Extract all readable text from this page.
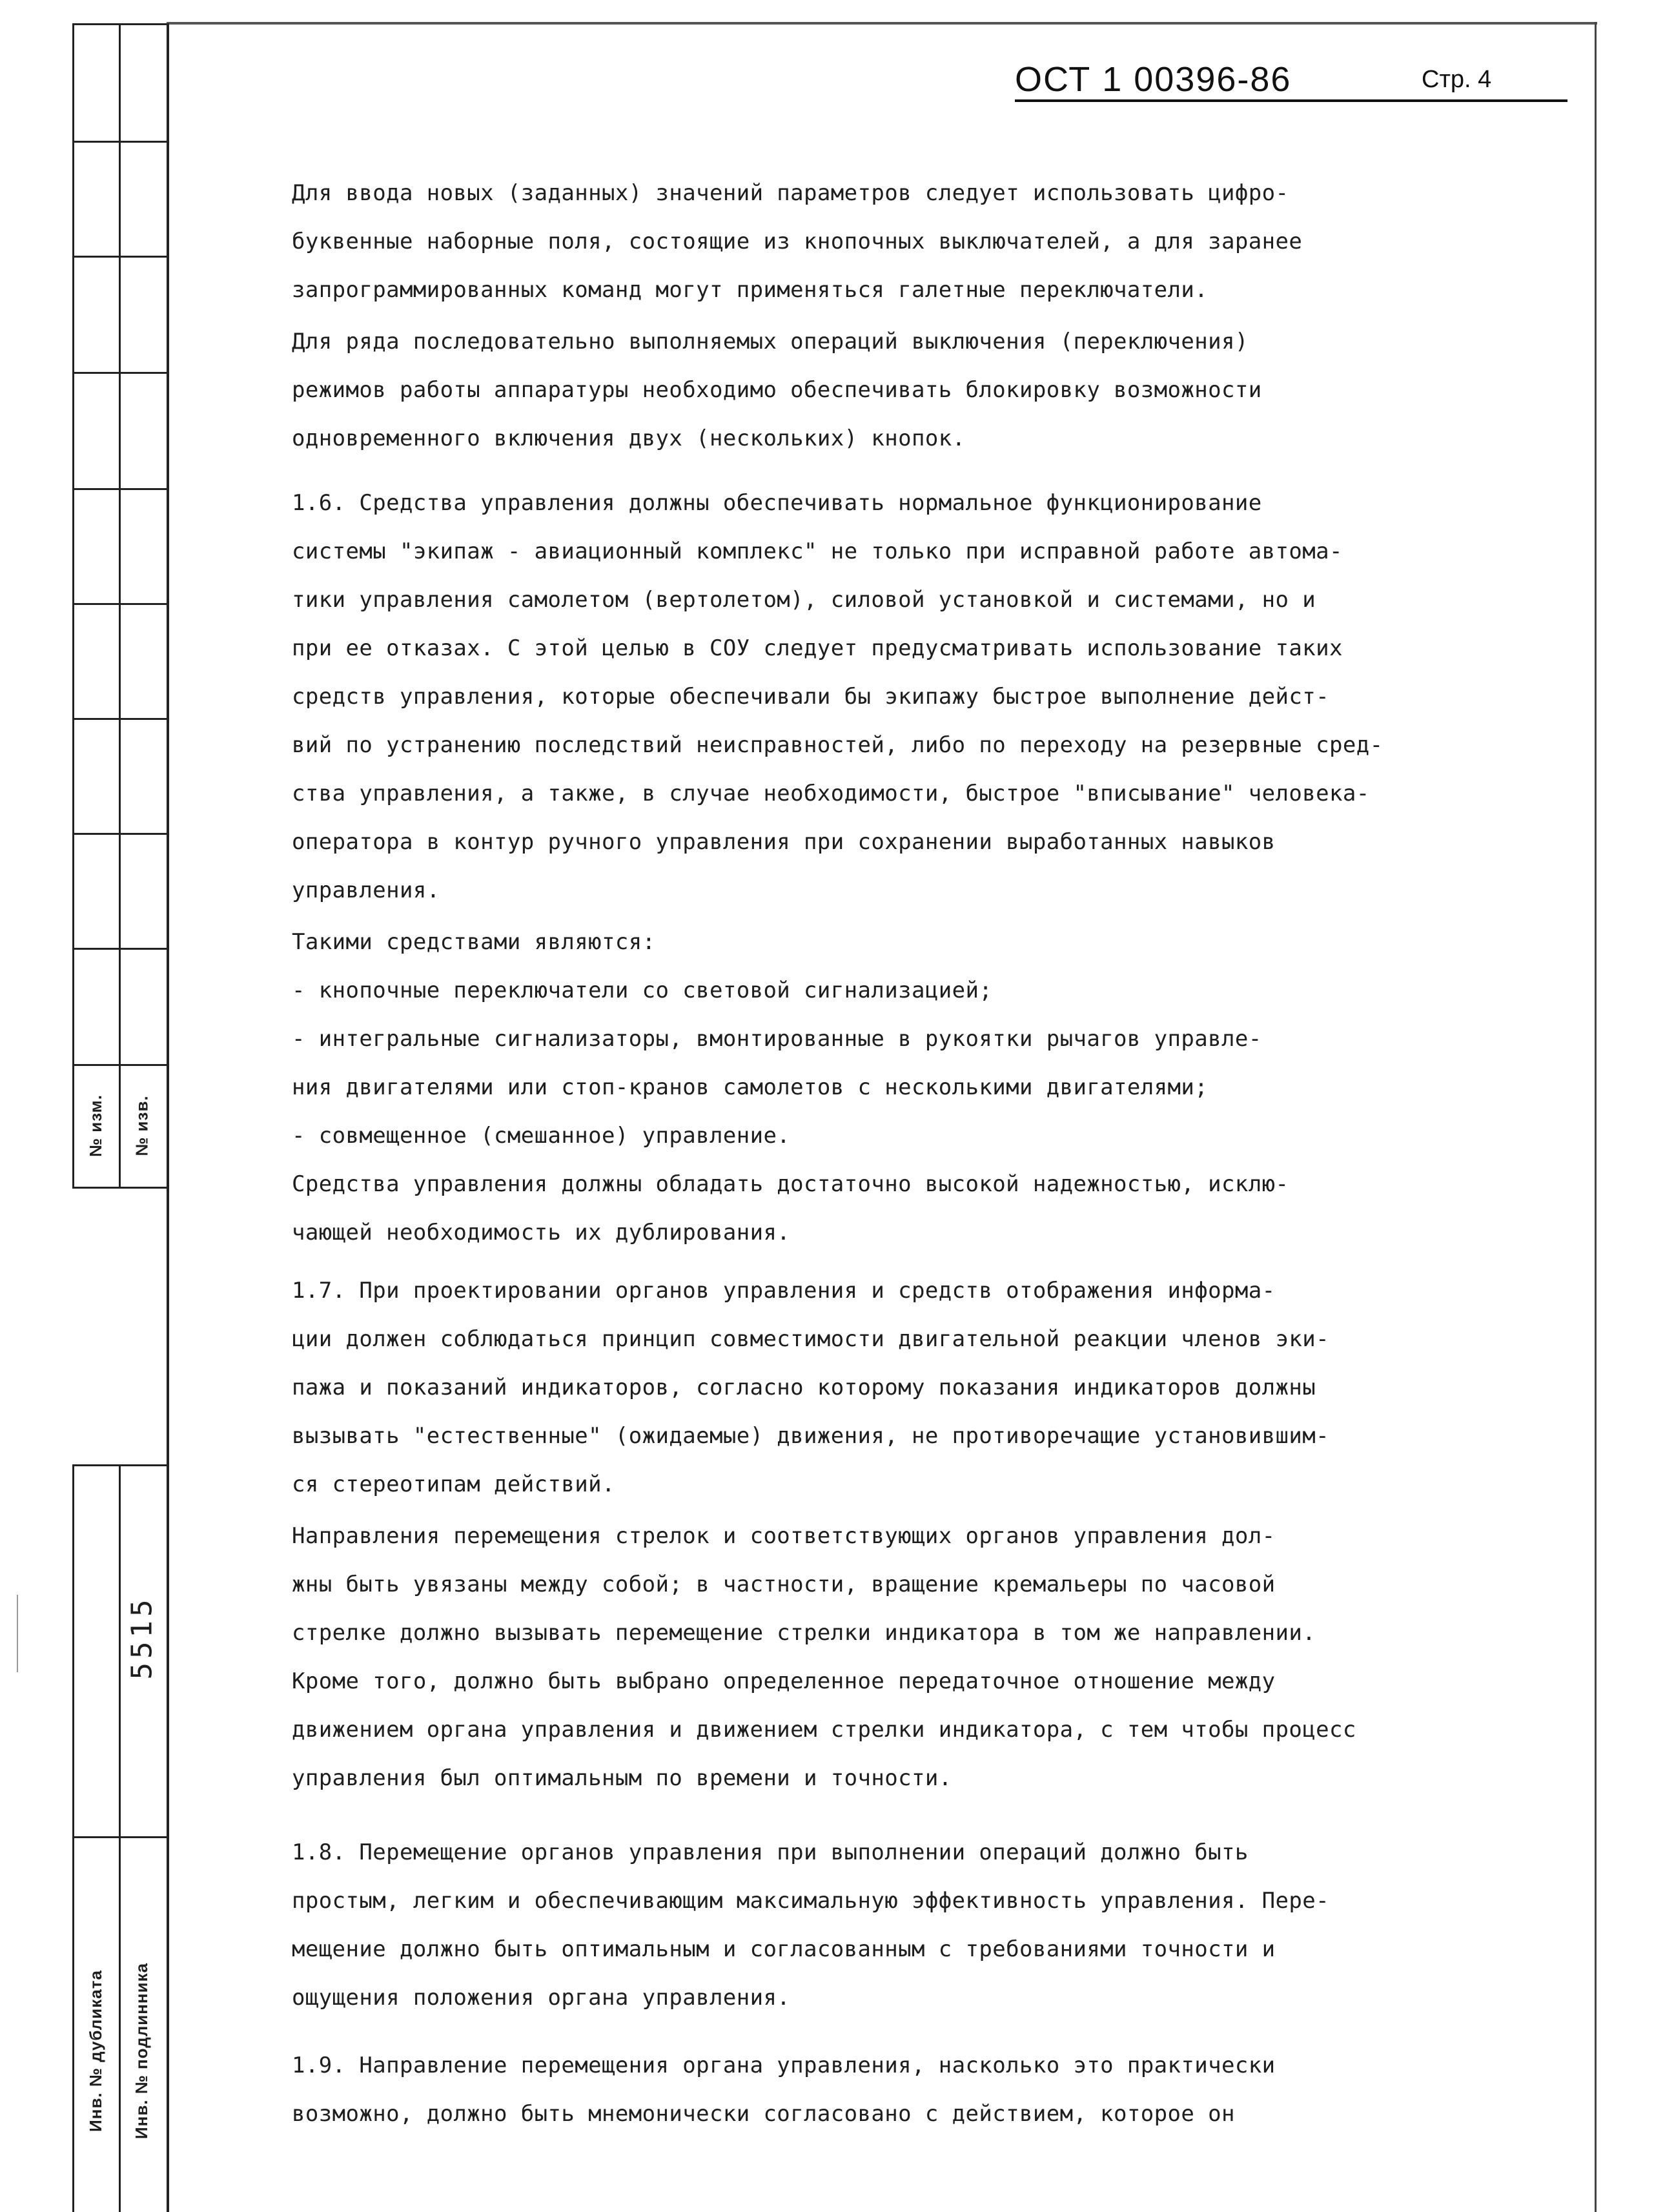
№ изм. № изв.
5515
Инв. № дубликата Инв. № подлинника
ОСТ 1 00396-86	Стр. 4
Для ввода новых (заданных) значений параметров следует использовать цифро-
буквенные наборные поля, состоящие из кнопочных выключателей, а для заранее
запрограммированных команд могут применяться галетные переключатели.
Для ряда последовательно выполняемых операций выключения (переключения)
режимов работы аппаратуры необходимо обеспечивать блокировку возможности
одновременного включения двух (нескольких) кнопок.
1.6. Средства управления должны обеспечивать нормальное функционирование
системы "экипаж - авиационный комплекс" не только при исправной работе автома-
тики управления самолетом (вертолетом), силовой установкой и системами, но и
при ее отказах. С этой целью в СОУ следует предусматривать использование таких
средств управления, которые обеспечивали бы экипажу быстрое выполнение дейст-
вий по устранению последствий неисправностей, либо по переходу на резервные сред-
ства управления, а также, в случае необходимости, быстрое "вписывание" человека-
оператора в контур ручного управления при сохранении выработанных навыков
управления.
Такими средствами являются:
- кнопочные переключатели со световой сигнализацией;
- интегральные сигнализаторы, вмонтированные в рукоятки рычагов управле-
ния двигателями или стоп-кранов самолетов с несколькими двигателями;
- совмещенное (смешанное) управление.
Средства управления должны обладать достаточно высокой надежностью, исклю-
чающей необходимость их дублирования.
1.7. При проектировании органов управления и средств отображения информа-
ции должен соблюдаться принцип совместимости двигательной реакции членов эки-
пажа и показаний индикаторов, согласно которому показания индикаторов должны
вызывать "естественные" (ожидаемые) движения, не противоречащие установившим-
ся стереотипам действий.
Направления перемещения стрелок и соответствующих органов управления дол-
жны быть увязаны между собой; в частности, вращение кремальеры по часовой
стрелке должно вызывать перемещение стрелки индикатора в том же направлении.
Кроме того, должно быть выбрано определенное передаточное отношение между
движением органа управления и движением стрелки индикатора, с тем чтобы процесс
управления был оптимальным по времени и точности.
1.8. Перемещение органов управления при выполнении операций должно быть
простым, легким и обеспечивающим максимальную эффективность управления. Пере-
мещение должно быть оптимальным и согласованным с требованиями точности и
ощущения положения органа управления.
1.9. Направление перемещения органа управления, насколько это практически
возможно, должно быть мнемонически согласовано с действием, которое он
